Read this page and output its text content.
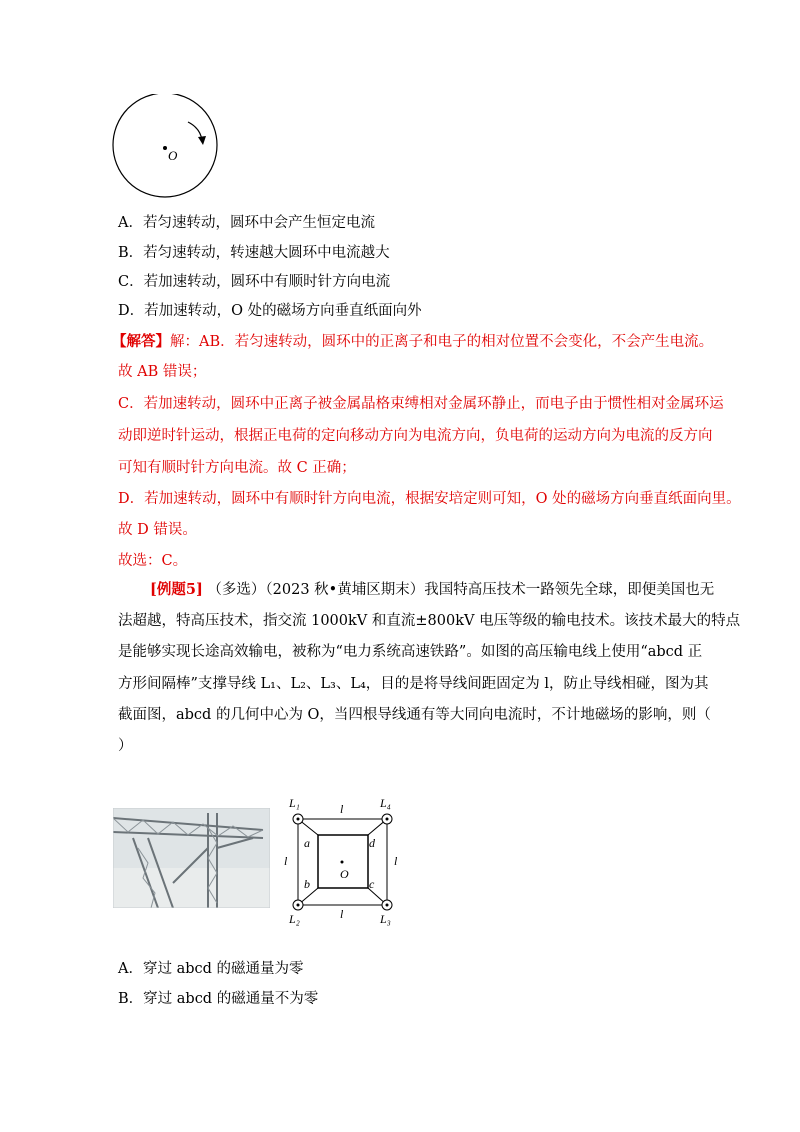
O
A．若匀速转动，圆环中会产生恒定电流
B．若匀速转动，转速越大圆环中电流越大
C．若加速转动，圆环中有顺时针方向电流
D．若加速转动，O 处的磁场方向垂直纸面向外
【解答】解：AB．若匀速转动，圆环中的正离子和电子的相对位置不会变化，不会产生电流。
故 AB 错误；
C．若加速转动，圆环中正离子被金属晶格束缚相对金属环静止，而电子由于惯性相对金属环运
动即逆时针运动，根据正电荷的定向移动方向为电流方向，负电荷的运动方向为电流的反方向
可知有顺时针方向电流。故 C 正确；
D．若加速转动，圆环中有顺时针方向电流，根据安培定则可知，O 处的磁场方向垂直纸面向里。
故 D 错误。
故选：C。
[例题5] （多选）（2023 秋•黄埔区期末）我国特高压技术一路领先全球，即便美国也无
法超越，特高压技术，指交流 1000kV 和直流±800kV 电压等级的输电技术。该技术最大的特点
是能够实现长途高效输电，被称为“电力系统高速铁路”。如图的高压输电线上使用“abcd 正
方形间隔棒”支撑导线 L₁、L₂、L₃、L₄，目的是将导线间距固定为 l，防止导线相碰，图为其
截面图，abcd 的几何中心为 O，当四根导线通有等大同向电流时，不计地磁场的影响，则（
）
L₁	L₄
L₂	L₃
l
l
l	l
a
b	c
d
O
A．穿过 abcd 的磁通量为零
B．穿过 abcd 的磁通量不为零
